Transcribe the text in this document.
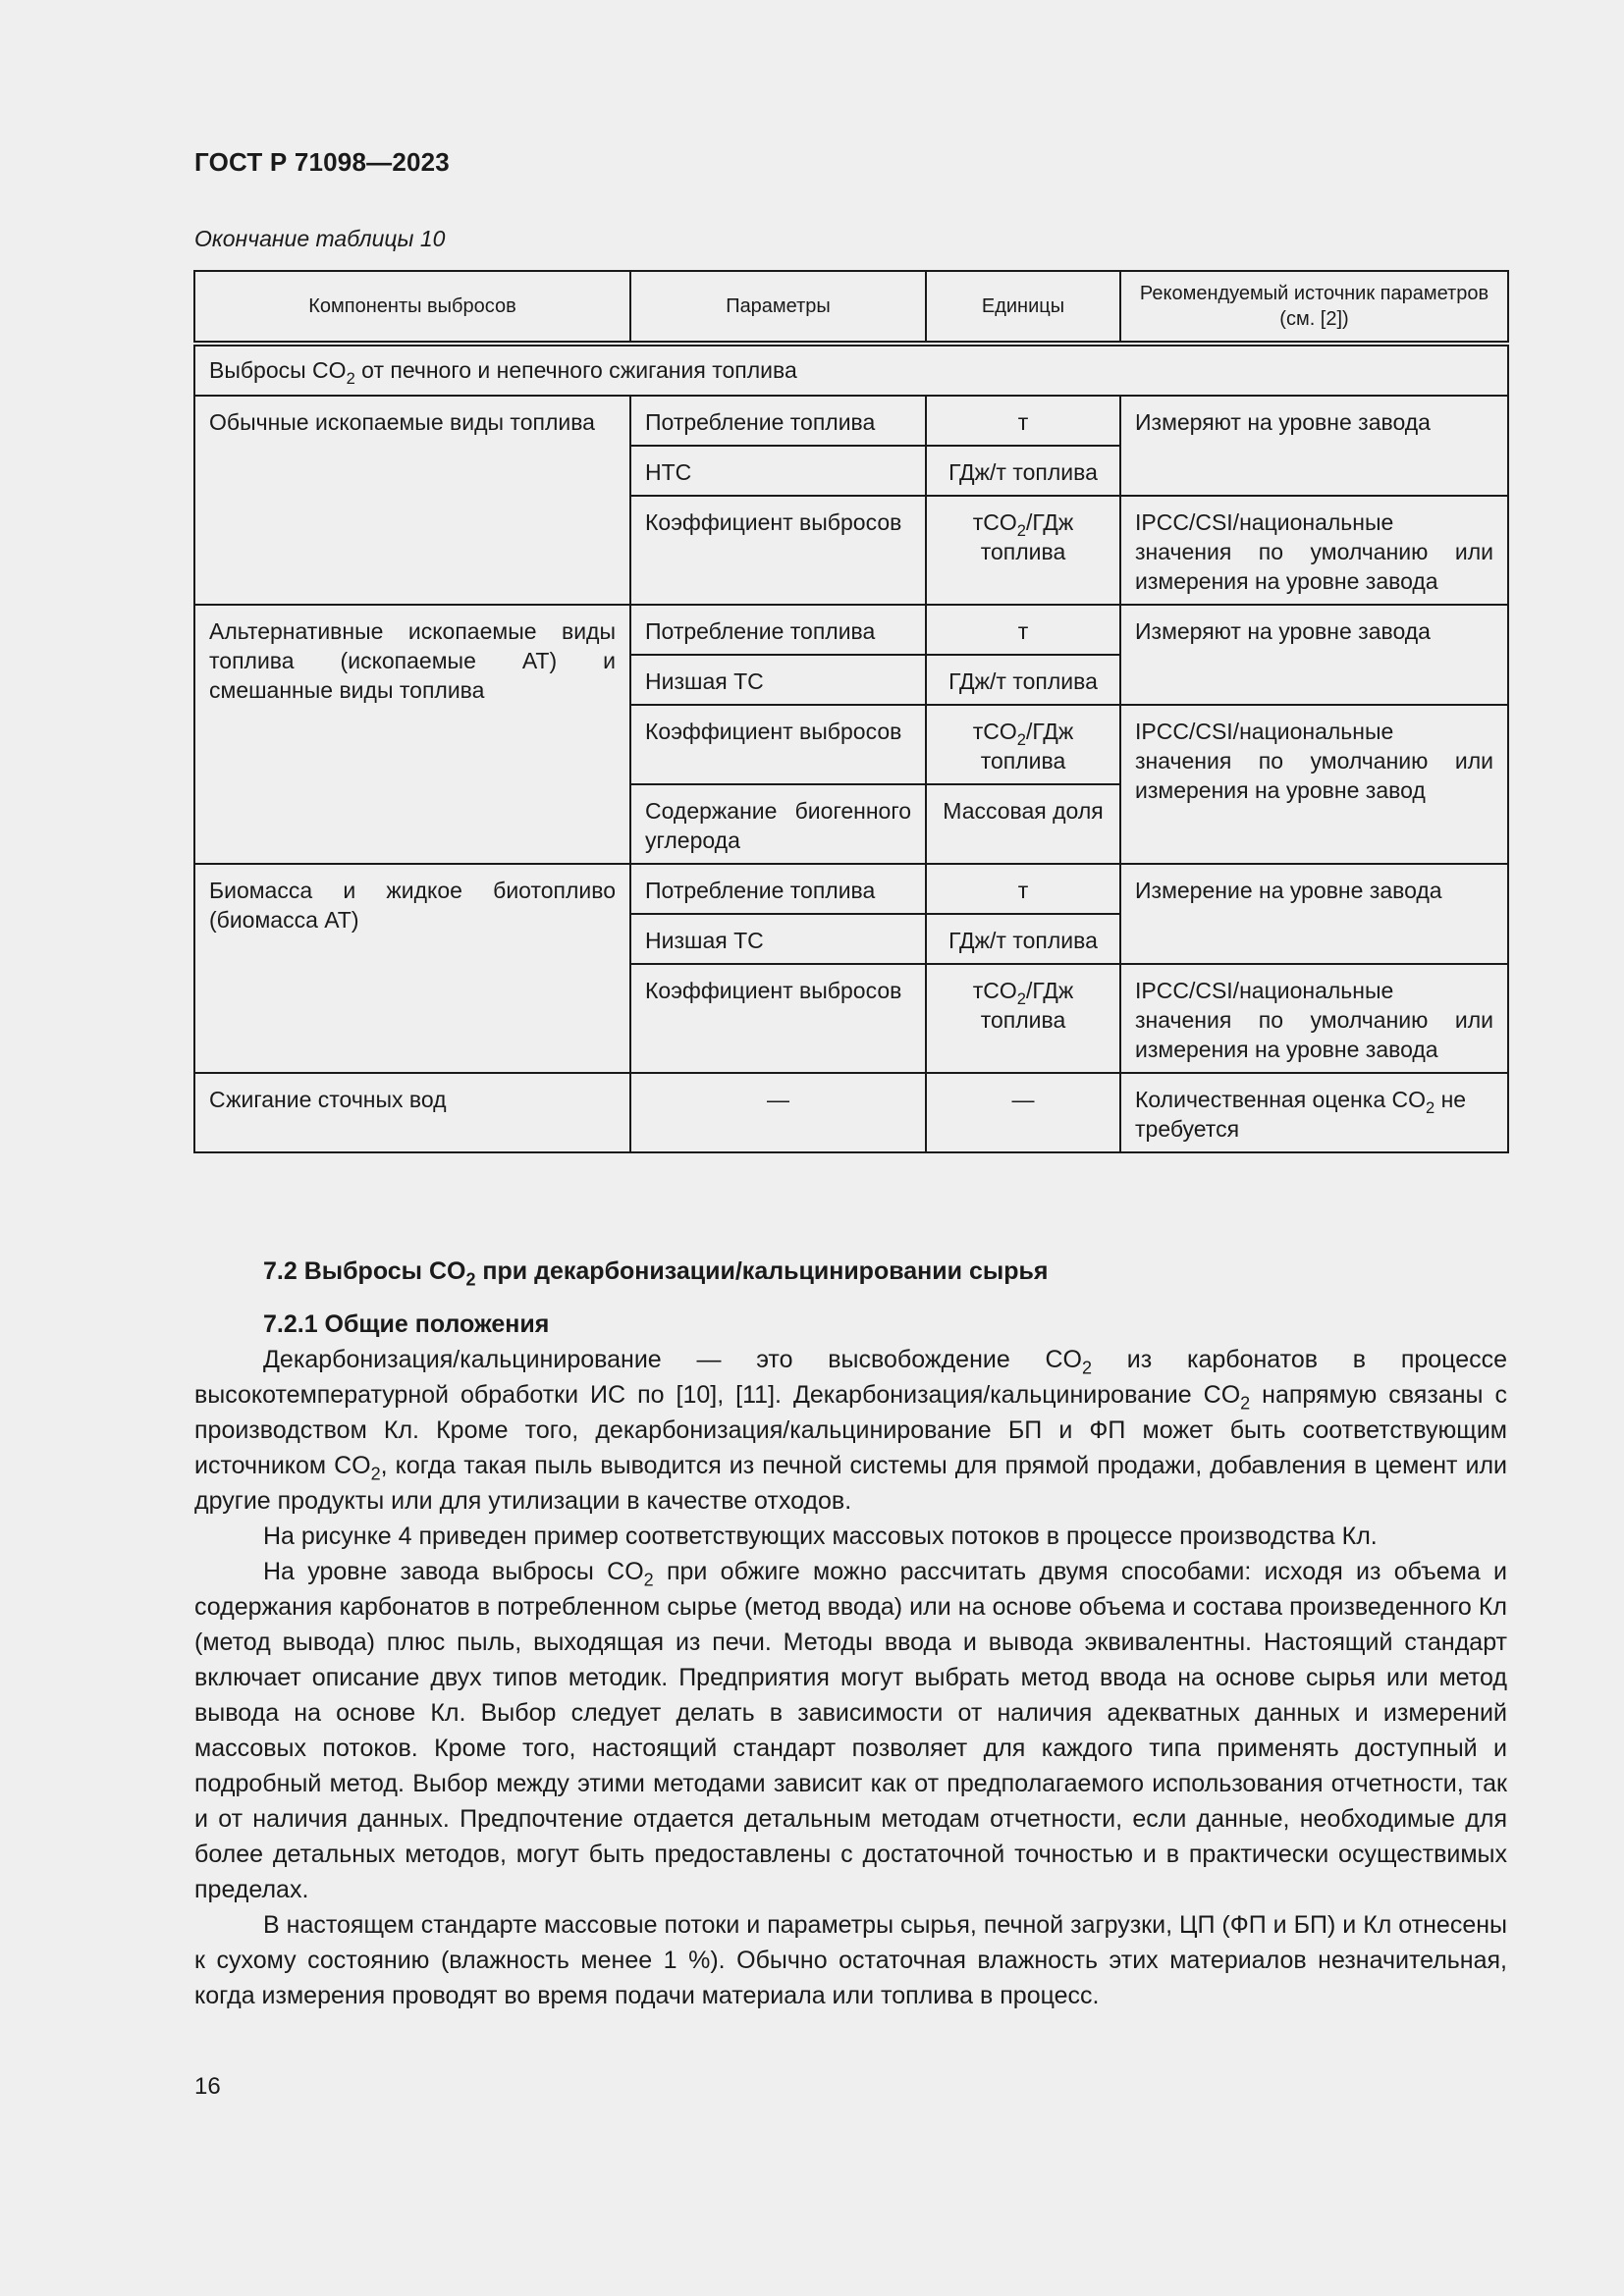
ГОСТ Р 71098—2023
Окончание таблицы 10
Компоненты выбросов	Параметры	Единицы	Рекомендуемый источник параметров (см. [2])
Выбросы $CO_2$ от печного и непечного сжигания топлива			
Обычные ископаемые виды топлива	Потребление топлива	т	Измеряют на уровне завода
	НТС	ГДж/т топлива	
	Коэффициент выбросов	тCO$_2$/ГДж топлива	IPCC/CSI/национальные значения по умолчанию или измерения на уровне завода
Альтернативные ископаемые виды топлива (ископаемые АТ) и смешанные виды топлива	Потребление топлива	т	Измеряют на уровне завода
	Низшая ТС	ГДж/т топлива	
	Коэффициент выбросов	тCO$_2$/ГДж топлива	IPCC/CSI/национальные значения по умолчанию или измерения на уровне завод
	Содержание биогенного углерода	Массовая доля	
Биомасса и жидкое биотопливо (биомасса АТ)	Потребление топлива	т	Измерение на уровне завода
	Низшая ТС	ГДж/т топлива	
	Коэффициент выбросов	тCO$_2$/ГДж топлива	IPCC/CSI/национальные значения по умолчанию или измерения на уровне завода
Сжигание сточных вод	—	—	Количественная оценка $CO_2$ не требуется
7.2 Выбросы $CO_2$ при декарбонизации/кальцинировании сырья
7.2.1 Общие положения

Декарбонизация/кальцинирование — это высвобождение $CO_2$ из карбонатов в процессе высокотемпературной обработки ИС по [10], [11]. Декарбонизация/кальцинирование $CO_2$ напрямую связаны с производством Кл. Кроме того, декарбонизация/кальцинирование БП и ФП может быть соответствующим источником $CO_2$, когда такая пыль выводится из печной системы для прямой продажи, добавления в цемент или другие продукты или для утилизации в качестве отходов.

На рисунке 4 приведен пример соответствующих массовых потоков в процессе производства Кл.

На уровне завода выбросы $CO_2$ при обжиге можно рассчитать двумя способами: исходя из объема и содержания карбонатов в потребленном сырье (метод ввода) или на основе объема и состава произведенного Кл (метод вывода) плюс пыль, выходящая из печи. Методы ввода и вывода эквивалентны. Настоящий стандарт включает описание двух типов методик. Предприятия могут выбрать метод ввода на основе сырья или метод вывода на основе Кл. Выбор следует делать в зависимости от наличия адекватных данных и измерений массовых потоков. Кроме того, настоящий стандарт позволяет для каждого типа применять доступный и подробный метод. Выбор между этими методами зависит как от предполагаемого использования отчетности, так и от наличия данных. Предпочтение отдается детальным методам отчетности, если данные, необходимые для более детальных методов, могут быть предоставлены с достаточной точностью и в практически осуществимых пределах.

В настоящем стандарте массовые потоки и параметры сырья, печной загрузки, ЦП (ФП и БП) и Кл отнесены к сухому состоянию (влажность менее 1 %). Обычно остаточная влажность этих материалов незначительная, когда измерения проводят во время подачи материала или топлива в процесс.

16
